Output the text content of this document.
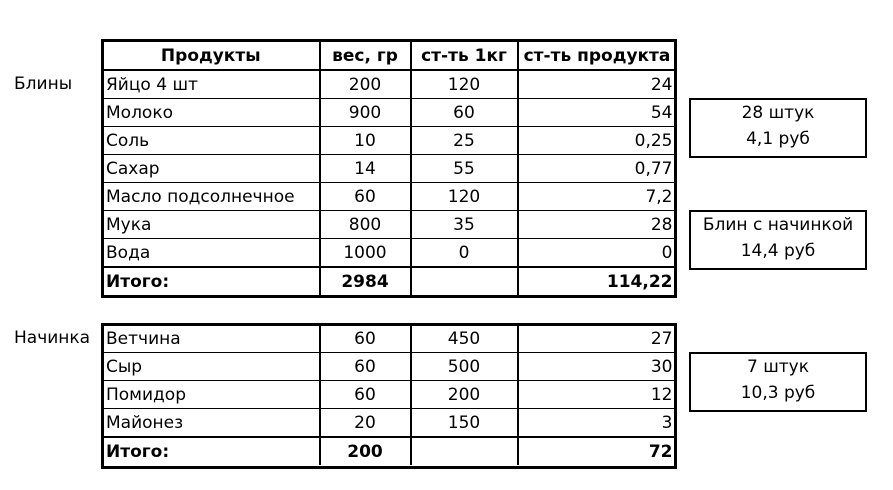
Блины
Начинка
Продукты	вес, гр	ст-ть 1кг	ст-ть продукта
Яйцо 4 шт	200	120	24
Молоко	900	60	54
Соль	10	25	0,25
Сахар	14	55	0,77
Масло подсолнечное	60	120	7,2
Мука	800	35	28
Вода	1000	0	0
Итого:	2984		114,22
Ветчина	60	450	27
Сыр	60	500	30
Помидор	60	200	12
Майонез	20	150	3
Итого:	200		72
28 штук
4,1 руб
Блин с начинкой
14,4 руб
7 штук
10,3 руб
